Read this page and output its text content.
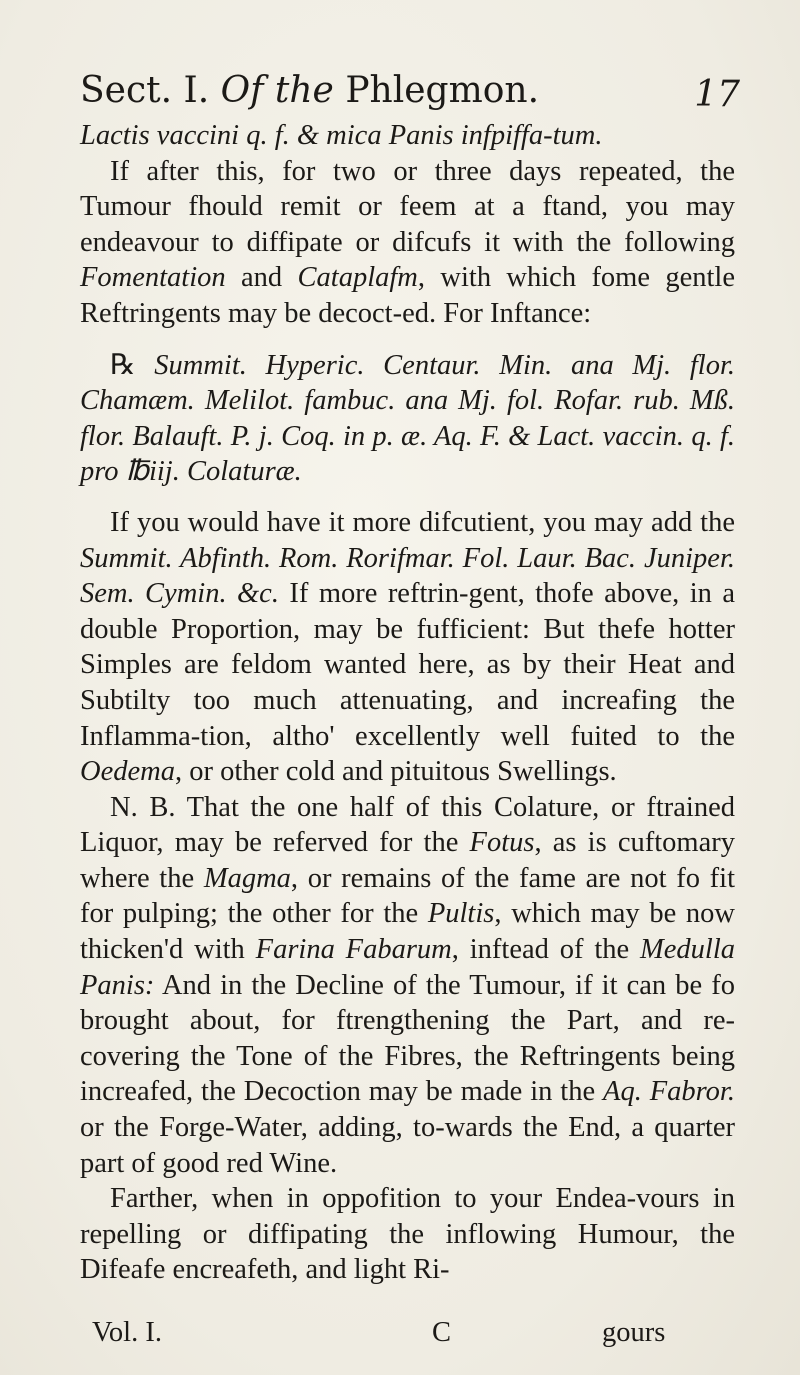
Sect. I. Of the Phlegmon.	17

Lactis vaccini q. f. & mica Panis infpiffa-tum.

If after this, for two or three days repeated, the Tumour fhould remit or feem at a ftand, you may endeavour to diffipate or difcufs it with the following Fomentation and Cataplafm, with which fome gentle Reftringents may be decoct-ed. For Inftance:

℞ Summit. Hyperic. Centaur. Min. ana Mj. flor. Chamæm. Melilot. fambuc. ana Mj. fol. Rofar. rub. Mß. flor. Balauft. P. j. Coq. in p. æ. Aq. F. & Lact. vaccin. q. f. pro ℔iij. Colaturæ.

If you would have it more difcutient, you may add the Summit. Abfinth. Rom. Rorifmar. Fol. Laur. Bac. Juniper. Sem. Cymin. &c. If more reftrin-gent, thofe above, in a double Proportion, may be fufficient: But thefe hotter Simples are feldom wanted here, as by their Heat and Subtilty too much attenuating, and increafing the Inflamma-tion, altho' excellently well fuited to the Oedema, or other cold and pituitous Swellings.

N. B. That the one half of this Colature, or ftrained Liquor, may be referved for the Fotus, as is cuftomary where the Magma, or remains of the fame are not fo fit for pulping; the other for the Pultis, which may be now thicken'd with Farina Fabarum, inftead of the Medulla Panis: And in the Decline of the Tumour, if it can be fo brought about, for ftrengthening the Part, and re-covering the Tone of the Fibres, the Reftringents being increafed, the Decoction may be made in the Aq. Fabror. or the Forge-Water, adding, to-wards the End, a quarter part of good red Wine.

Farther, when in oppofition to your Endea-vours in repelling or diffipating the inflowing Humour, the Difeafe encreafeth, and light Ri-

Vol. I.	C	gours
